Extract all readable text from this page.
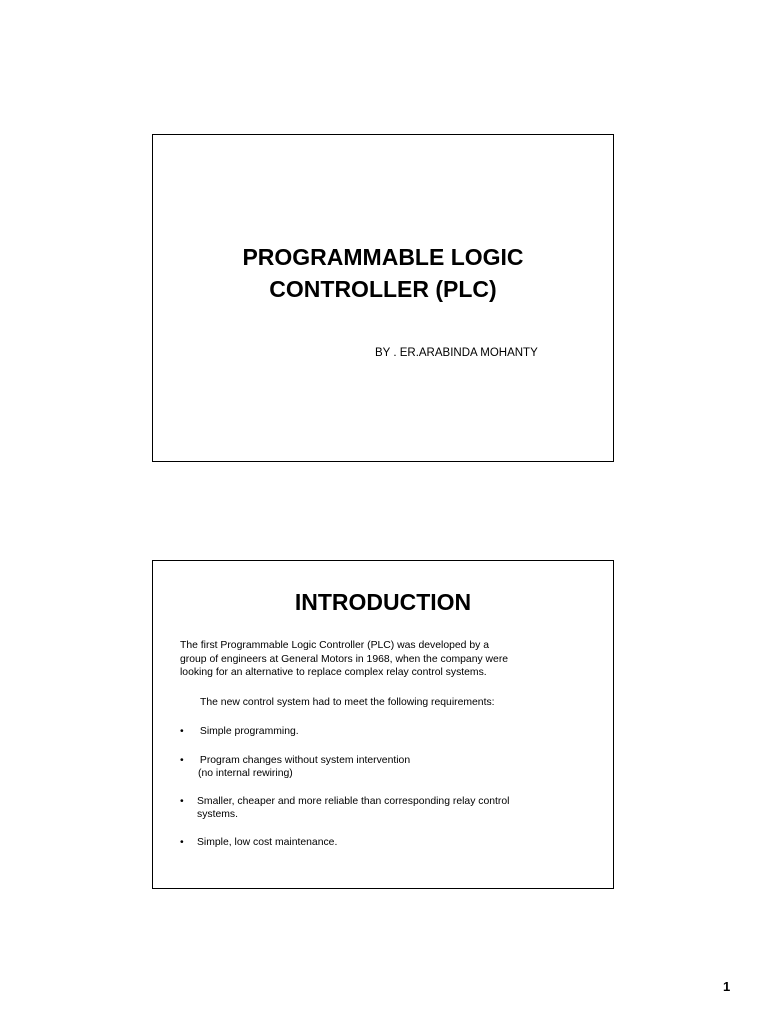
PROGRAMMABLE LOGIC
CONTROLLER (PLC)

BY . ER.ARABINDA MOHANTY

INTRODUCTION

The first Programmable Logic Controller (PLC) was developed by a
group of engineers at General Motors in 1968, when the company were
looking for an alternative to replace complex relay control systems.

The new control system had to meet the following requirements:

• Simple programming.
• Program changes without system intervention
(no internal rewiring)
• Smaller, cheaper and more reliable than corresponding relay control
systems.
• Simple, low cost maintenance.

1
